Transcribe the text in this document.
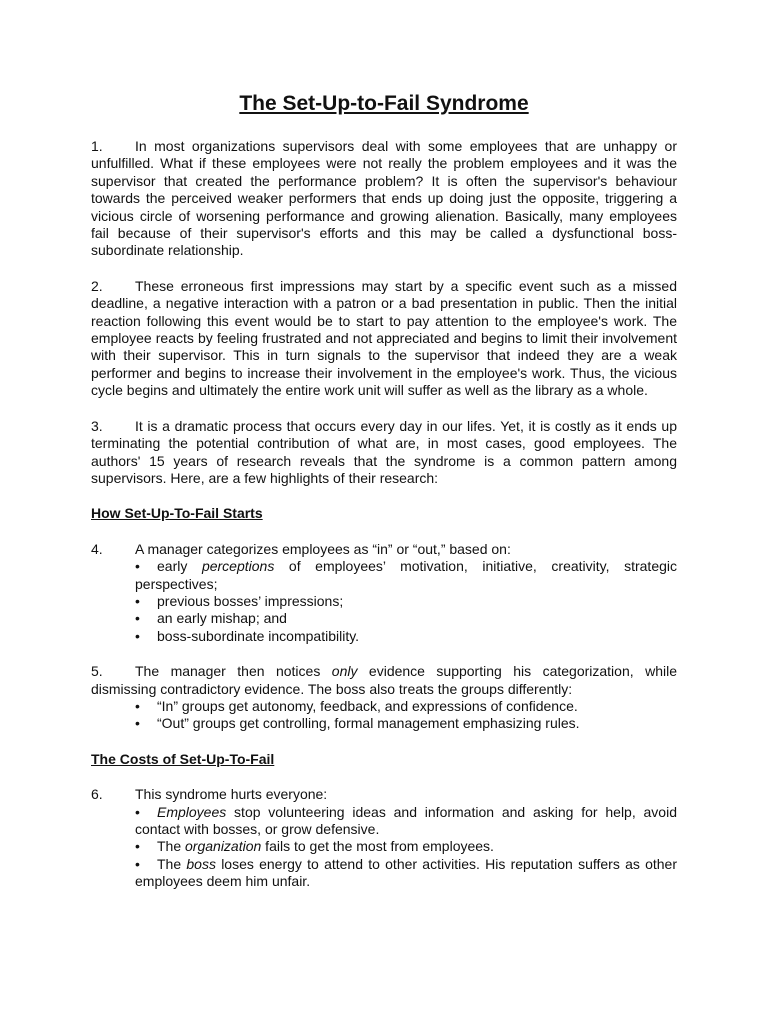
The Set-Up-to-Fail Syndrome

1. In most organizations supervisors deal with some employees that are unhappy or unfulfilled. What if these employees were not really the problem employees and it was the supervisor that created the performance problem? It is often the supervisor's behaviour towards the perceived weaker performers that ends up doing just the opposite, triggering a vicious circle of worsening performance and growing alienation. Basically, many employees fail because of their supervisor's efforts and this may be called a dysfunctional boss-subordinate relationship.

2. These erroneous first impressions may start by a specific event such as a missed deadline, a negative interaction with a patron or a bad presentation in public. Then the initial reaction following this event would be to start to pay attention to the employee's work. The employee reacts by feeling frustrated and not appreciated and begins to limit their involvement with their supervisor. This in turn signals to the supervisor that indeed they are a weak performer and begins to increase their involvement in the employee's work. Thus, the vicious cycle begins and ultimately the entire work unit will suffer as well as the library as a whole.

3. It is a dramatic process that occurs every day in our lifes. Yet, it is costly as it ends up terminating the potential contribution of what are, in most cases, good employees. The authors' 15 years of research reveals that the syndrome is a common pattern among supervisors. Here, are a few highlights of their research:

How Set-Up-To-Fail Starts

4. A manager categorizes employees as “in” or “out,” based on:

• early perceptions of employees’ motivation, initiative, creativity, strategic perspectives;
• previous bosses’ impressions;
• an early mishap; and
• boss-subordinate incompatibility.

5. The manager then notices only evidence supporting his categorization, while dismissing contradictory evidence. The boss also treats the groups differently:

• “In” groups get autonomy, feedback, and expressions of confidence.
• “Out” groups get controlling, formal management emphasizing rules.

The Costs of Set-Up-To-Fail

6. This syndrome hurts everyone:

• Employees stop volunteering ideas and information and asking for help, avoid contact with bosses, or grow defensive.
• The organization fails to get the most from employees.
• The boss loses energy to attend to other activities. His reputation suffers as other employees deem him unfair.
